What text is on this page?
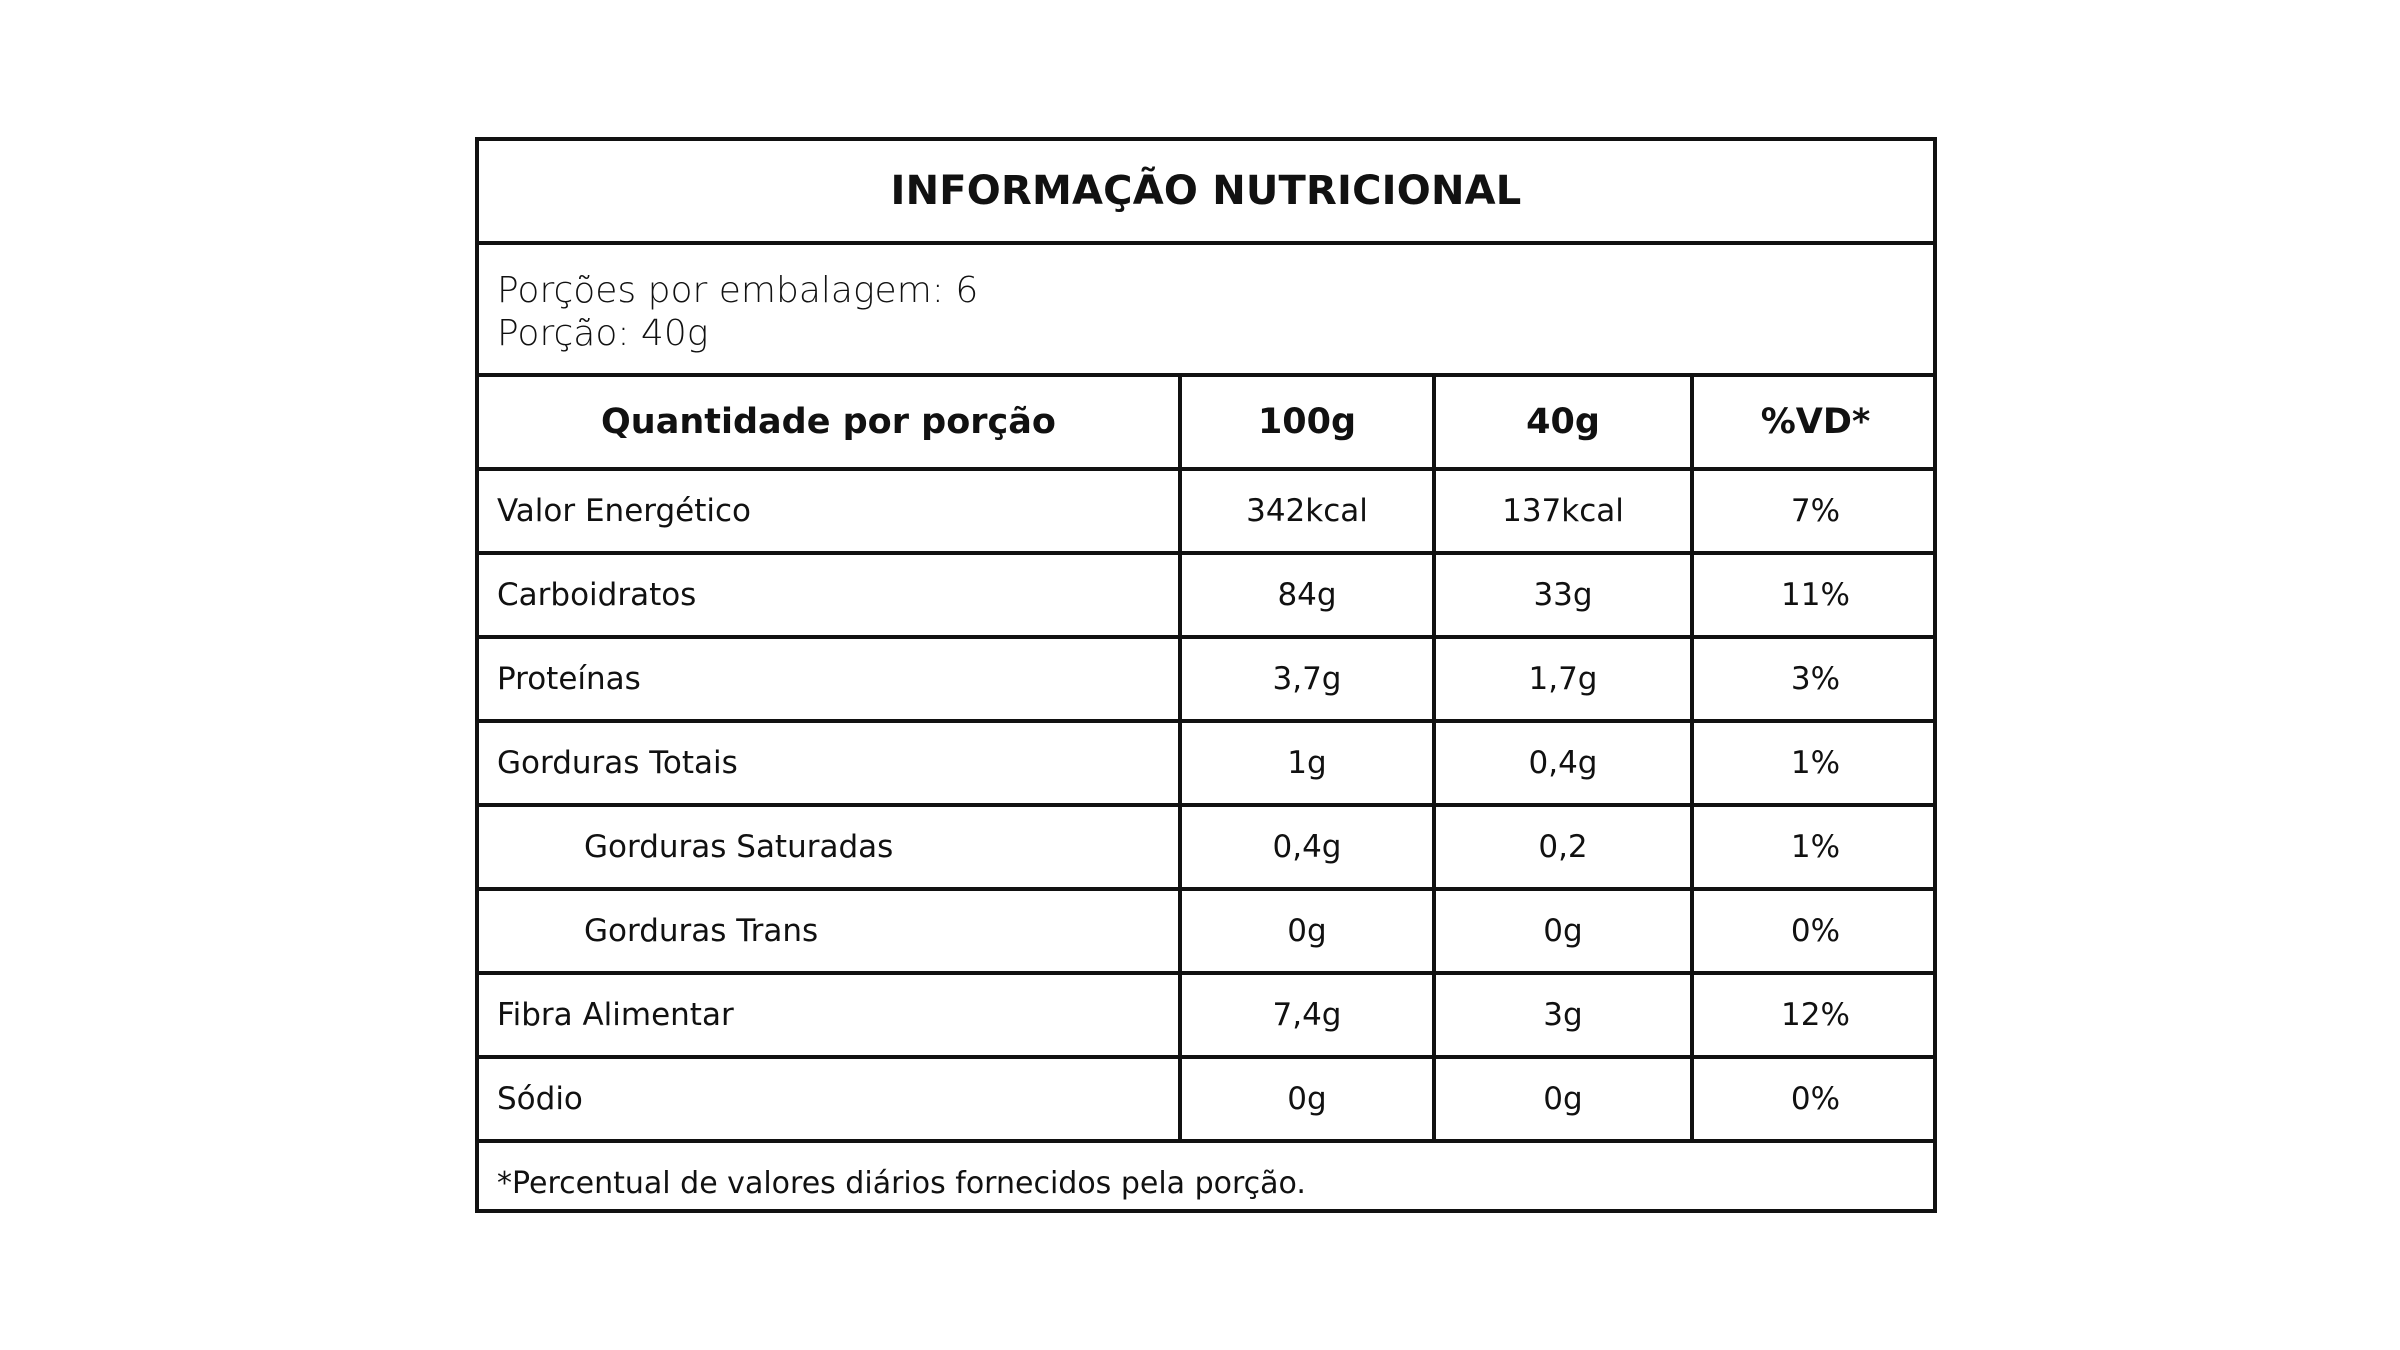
INFORMAÇÃO NUTRICIONAL
Porções por embalagem: 6
Porção: 40g
Quantidade por porção	100g	40g	%VD*
Valor Energético	342kcal	137kcal	7%
Carboidratos	84g	33g	11%
Proteínas	3,7g	1,7g	3%
Gorduras Totais	1g	0,4g	1%
Gorduras Saturadas	0,4g	0,2	1%
Gorduras Trans	0g	0g	0%
Fibra Alimentar	7,4g	3g	12%
Sódio	0g	0g	0%
*Percentual de valores diários fornecidos pela porção.
